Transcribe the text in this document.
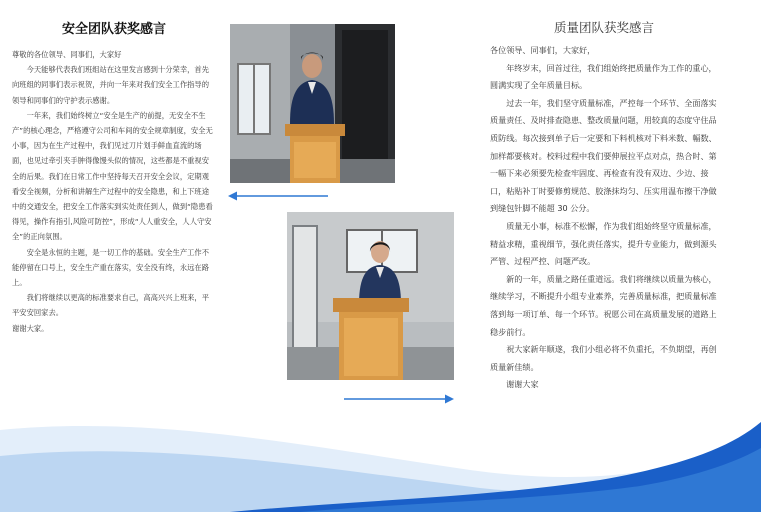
安全团队获奖感言

尊敬的各位领导、同事们，大家好

今天能够代表我们班组站在这里发言感到十分荣幸，首先向班组的同事们表示祝贺，并向一年来对我们安全工作指导的领导和同事们的守护表示感谢。

一年来，我们始终树立“安全是生产的前提，无安全不生产”的核心理念，严格遵守公司和车间的安全规章制度，安全无小事，因为在生产过程中，我们见过刀片划手鲜血直流的场面，也见过牵引夹手肿得像馒头似的情况，这些都是不重视安全的后果。我们在日常工作中坚持每天召开安全会议，定期观看安全视频，分析和讲解生产过程中的安全隐患，和上下班途中的交通安全，把安全工作落实到实处责任到人，做到“隐患看得见，操作有指引,风险可防控”，形成“人人重安全，人人守安全”的正向氛围。

安全是永恒的主题，是一切工作的基础。安全生产工作不能停留在口号上，安全生产重在落实，安全没有终，永远在路上。

我们将继续以更高的标准要求自己，高高兴兴上班来，平平安安回家去。

谢谢大家。

质量团队获奖感言

各位领导、同事们，大家好，

年终岁末，回首过往，我们组始终把质量作为工作的重心，圆满实现了全年质量目标。

过去一年，我们坚守质量标准，严控每一个环节、全面落实质量责任、及时排查隐患、整改质量问题，用较真的态度守住品质防线。每次接到单子后一定要和下料机核对下料米数、幅数、加样都要核对。校料过程中我们要伸展拉平点对点，热合时、第一幅下来必须要先检查牢固度、再检查有没有双边、少边、接口，粘贴补丁时要修剪规范、胶涤抹均匀、压实用温布擦干净做到缝包针脚不能超 30 公分。

质量无小事，标准不松懈，作为我们组始终坚守质量标准，精益求精，重视细节，强化责任落实，提升专业能力，做到源头严管、过程严控、问题严改。

新的一年，质量之路任重道远。我们将继续以质量为核心，继续学习，不断提升小组专业素养，完善质量标准，把质量标准落到每一项订单、每一个环节。祝愿公司在高质量发展的道路上稳步前行。

祝大家新年顺遂，我们小组必将不负重托，不负期望，再创质量新佳绩。

谢谢大家
